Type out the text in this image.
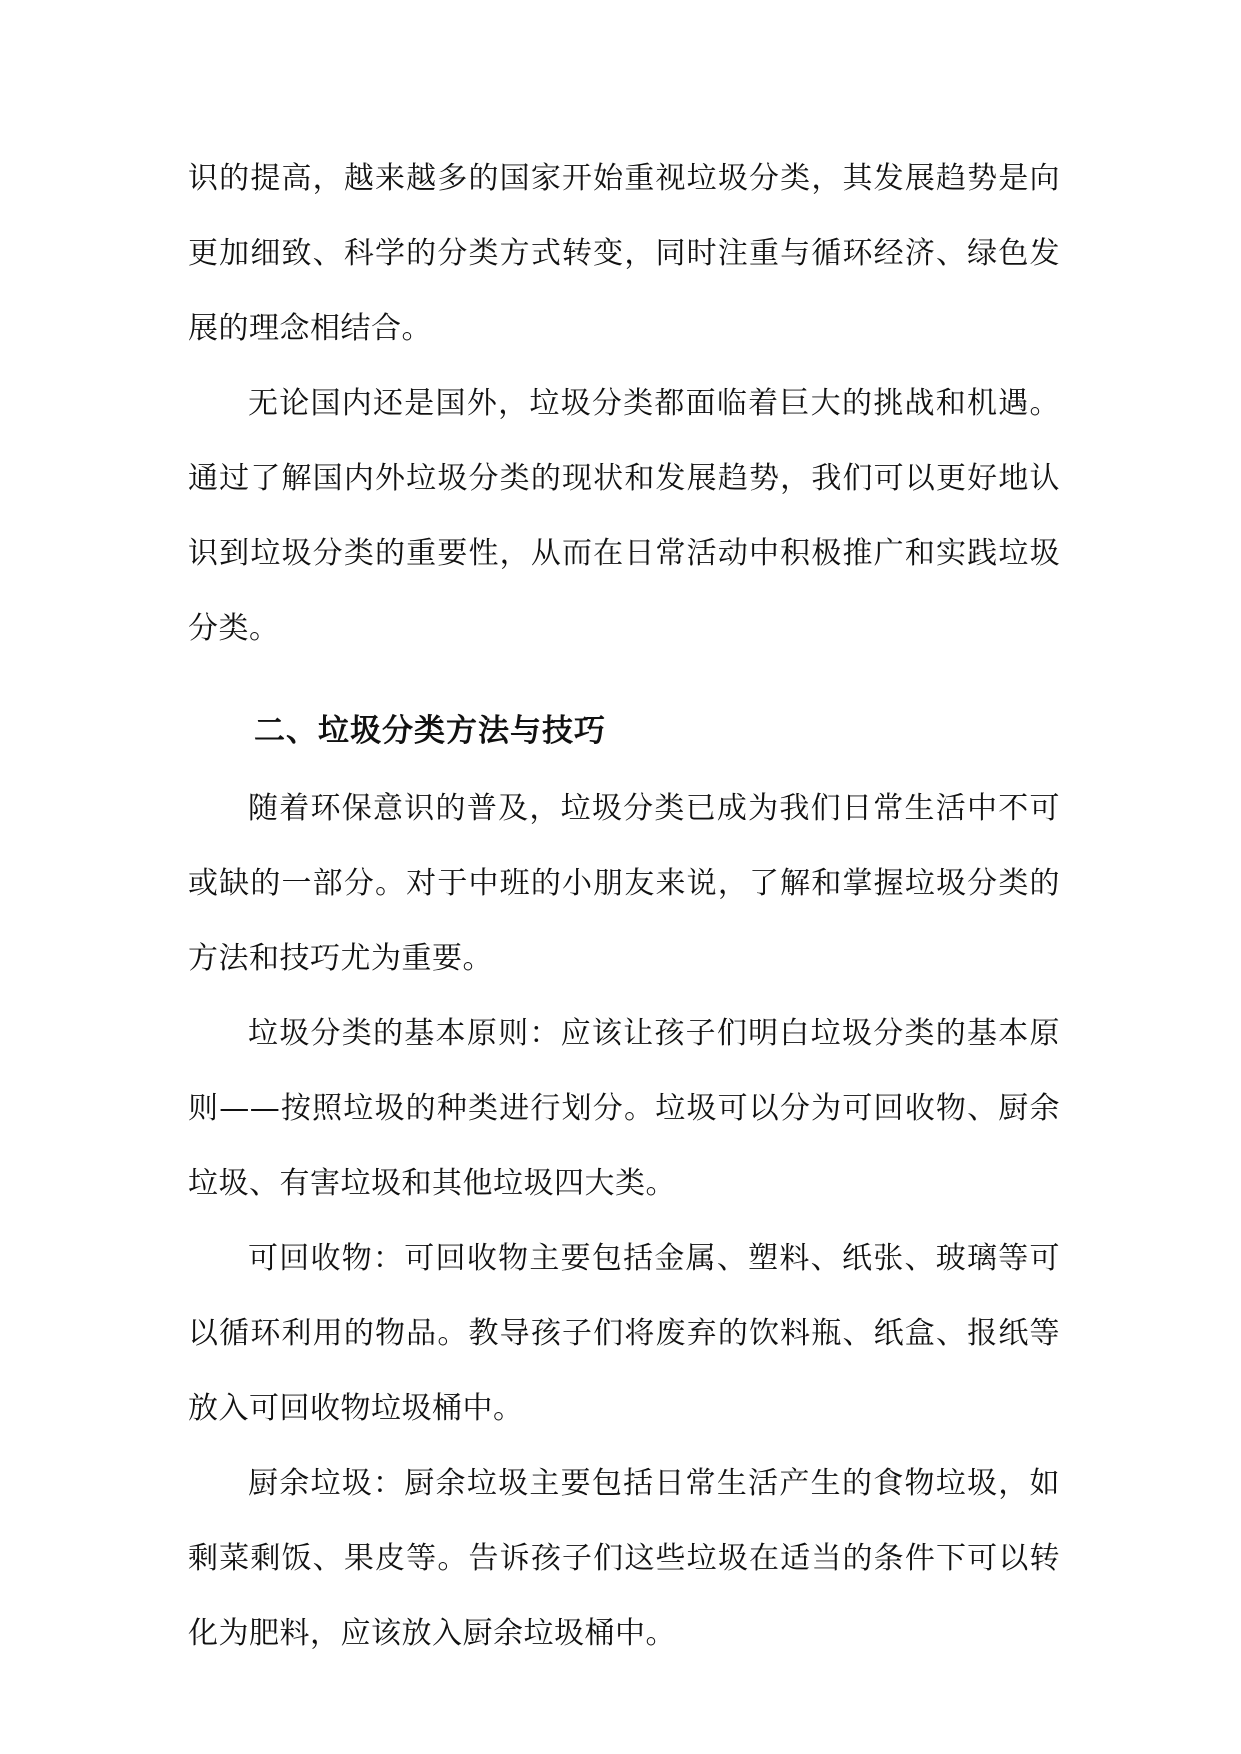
识的提高，越来越多的国家开始重视垃圾分类，其发展趋势是向更加细致、科学的分类方式转变，同时注重与循环经济、绿色发展的理念相结合。

无论国内还是国外，垃圾分类都面临着巨大的挑战和机遇。通过了解国内外垃圾分类的现状和发展趋势，我们可以更好地认识到垃圾分类的重要性，从而在日常活动中积极推广和实践垃圾分类。

二、垃圾分类方法与技巧

随着环保意识的普及，垃圾分类已成为我们日常生活中不可或缺的一部分。对于中班的小朋友来说，了解和掌握垃圾分类的方法和技巧尤为重要。

垃圾分类的基本原则：应该让孩子们明白垃圾分类的基本原则——按照垃圾的种类进行划分。垃圾可以分为可回收物、厨余垃圾、有害垃圾和其他垃圾四大类。

可回收物：可回收物主要包括金属、塑料、纸张、玻璃等可以循环利用的物品。教导孩子们将废弃的饮料瓶、纸盒、报纸等放入可回收物垃圾桶中。

厨余垃圾：厨余垃圾主要包括日常生活产生的食物垃圾，如剩菜剩饭、果皮等。告诉孩子们这些垃圾在适当的条件下可以转化为肥料，应该放入厨余垃圾桶中。
